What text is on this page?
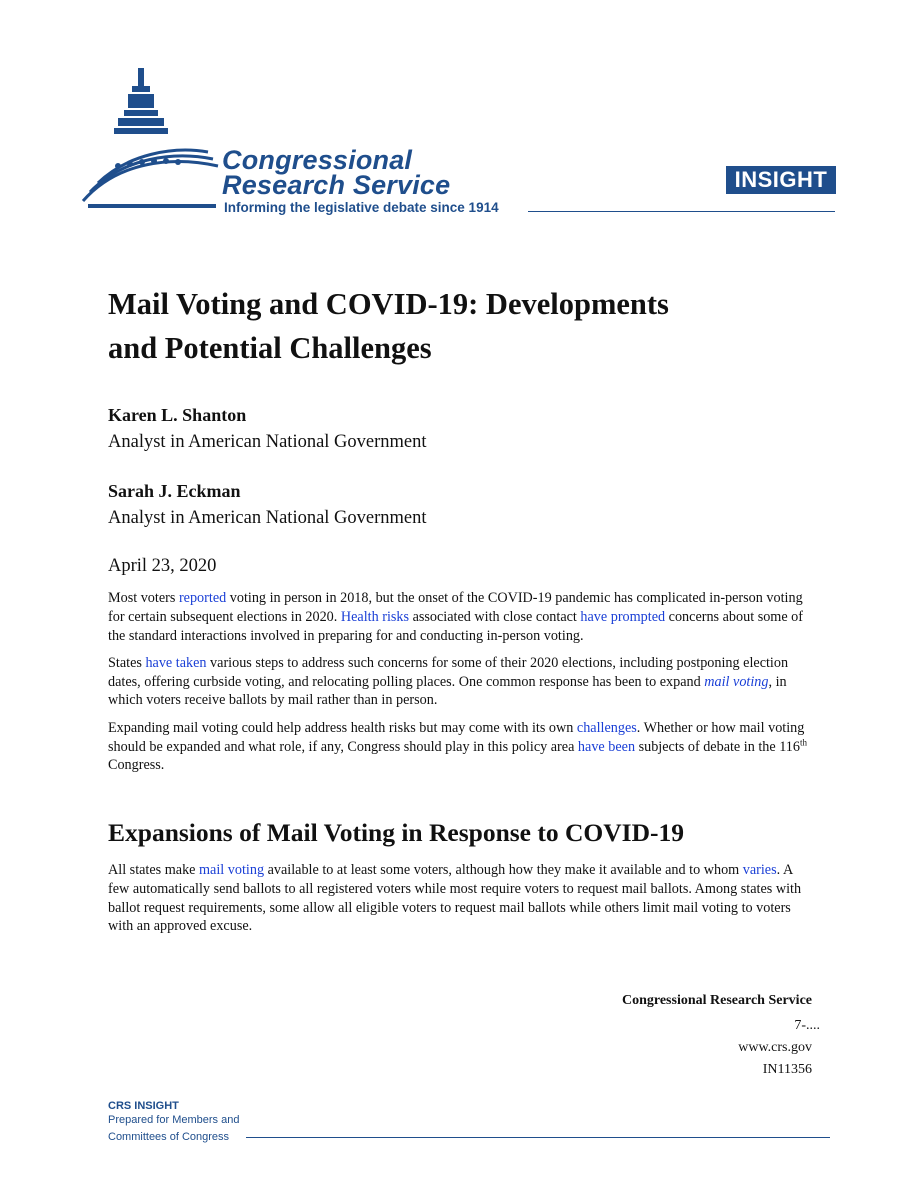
Congressional
Research Service
Informing the legislative debate since 1914
INSIGHT
Mail Voting and COVID-19: Developments
and Potential Challenges
Karen L. Shanton
Analyst in American National Government
Sarah J. Eckman
Analyst in American National Government
April 23, 2020

Most voters reported voting in person in 2018, but the onset of the COVID-19 pandemic has complicated in-person voting for certain subsequent elections in 2020. Health risks associated with close contact have prompted concerns about some of the standard interactions involved in preparing for and conducting in-person voting.

States have taken various steps to address such concerns for some of their 2020 elections, including postponing election dates, offering curbside voting, and relocating polling places. One common response has been to expand mail voting, in which voters receive ballots by mail rather than in person.

Expanding mail voting could help address health risks but may come with its own challenges. Whether or how mail voting should be expanded and what role, if any, Congress should play in this policy area have been subjects of debate in the 116th Congress.

Expansions of Mail Voting in Response to COVID-19

All states make mail voting available to at least some voters, although how they make it available and to whom varies. A few automatically send ballots to all registered voters while most require voters to request mail ballots. Among states with ballot request requirements, some allow all eligible voters to request mail ballots while others limit mail voting to voters with an approved excuse.

Congressional Research Service
7-....
www.crs.gov
IN11356
CRS INSIGHT
Prepared for Members and
Committees of Congress
